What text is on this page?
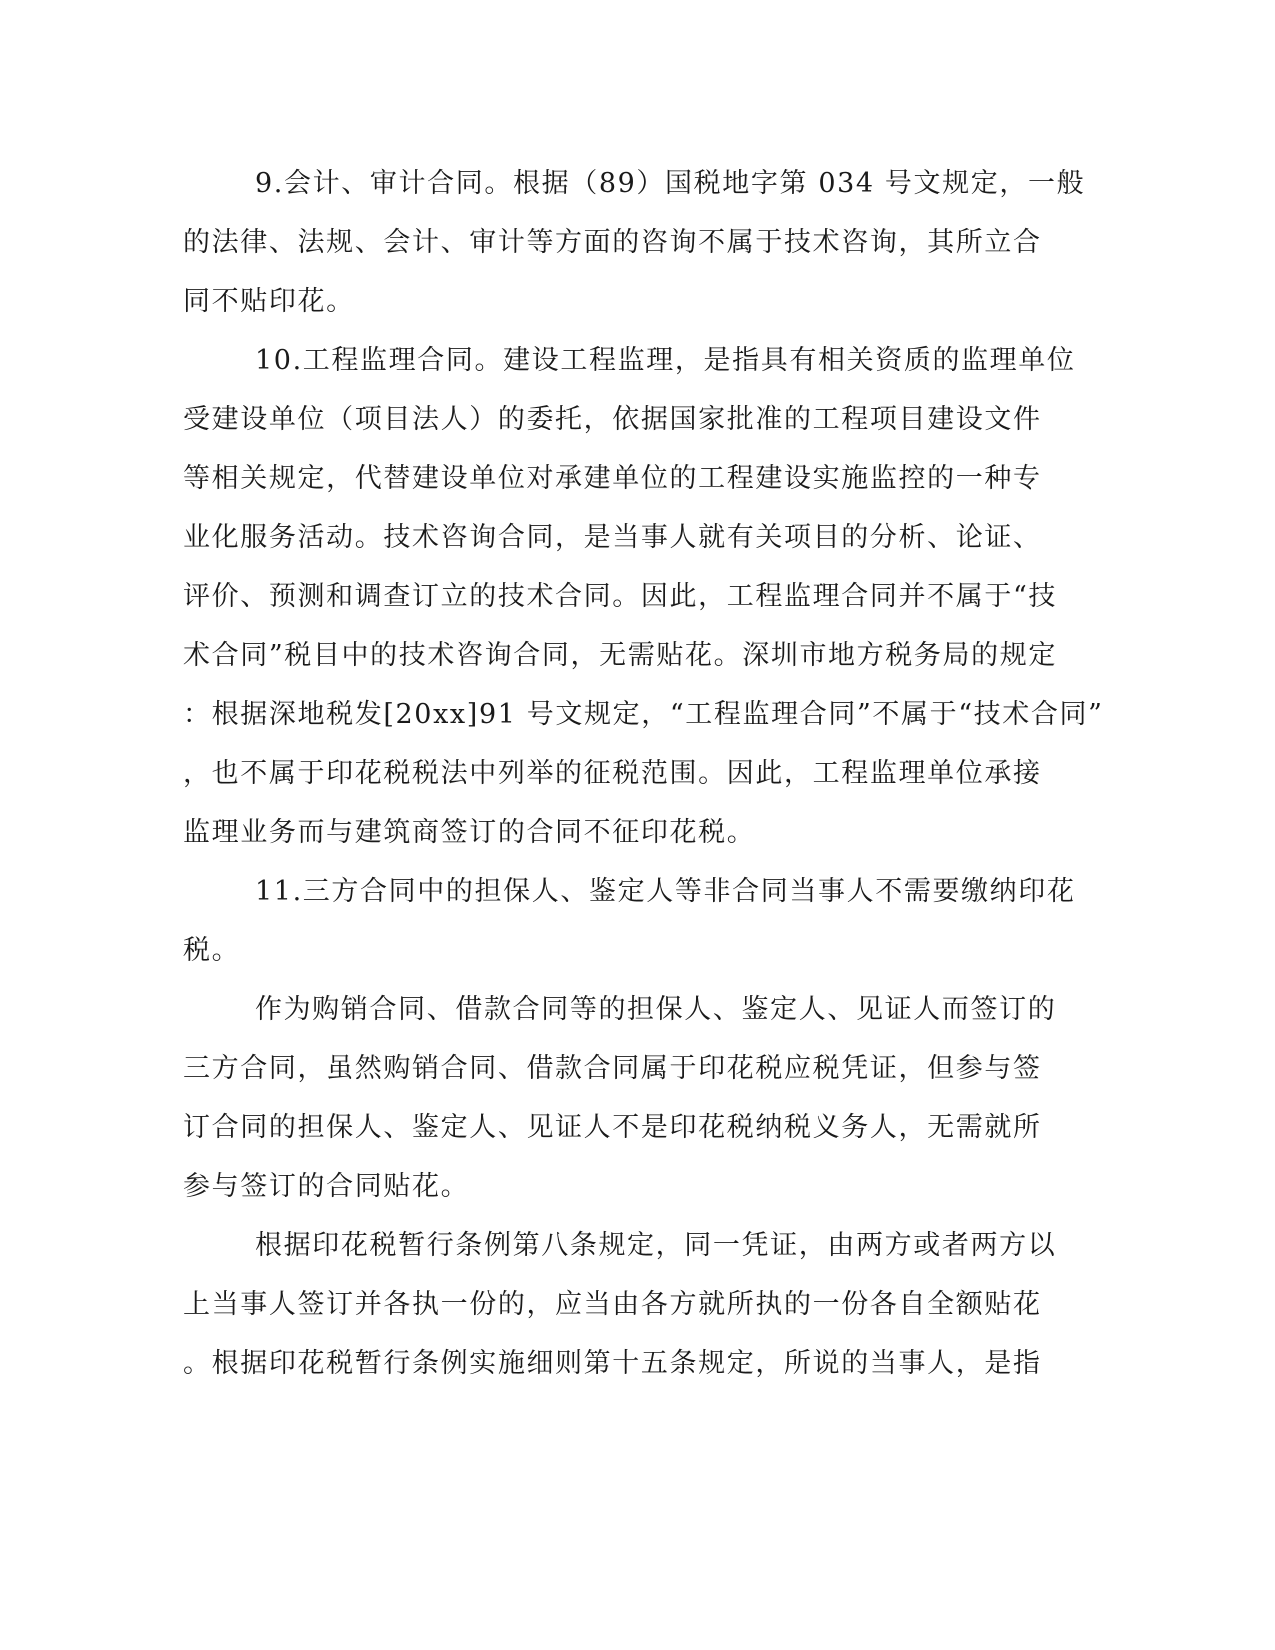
9.会计、审计合同。根据（89）国税地字第 034 号文规定，一般
的法律、法规、会计、审计等方面的咨询不属于技术咨询，其所立合
同不贴印花。
10.工程监理合同。建设工程监理，是指具有相关资质的监理单位
受建设单位（项目法人）的委托，依据国家批准的工程项目建设文件
等相关规定，代替建设单位对承建单位的工程建设实施监控的一种专
业化服务活动。技术咨询合同，是当事人就有关项目的分析、论证、
评价、预测和调查订立的技术合同。因此，工程监理合同并不属于“技
术合同”税目中的技术咨询合同，无需贴花。深圳市地方税务局的规定
：根据深地税发[20xx]91 号文规定，“工程监理合同”不属于“技术合同”
，也不属于印花税税法中列举的征税范围。因此，工程监理单位承接
监理业务而与建筑商签订的合同不征印花税。
11.三方合同中的担保人、鉴定人等非合同当事人不需要缴纳印花
税。
作为购销合同、借款合同等的担保人、鉴定人、见证人而签订的
三方合同，虽然购销合同、借款合同属于印花税应税凭证，但参与签
订合同的担保人、鉴定人、见证人不是印花税纳税义务人，无需就所
参与签订的合同贴花。
根据印花税暂行条例第八条规定，同一凭证，由两方或者两方以
上当事人签订并各执一份的，应当由各方就所执的一份各自全额贴花
。根据印花税暂行条例实施细则第十五条规定，所说的当事人，是指
